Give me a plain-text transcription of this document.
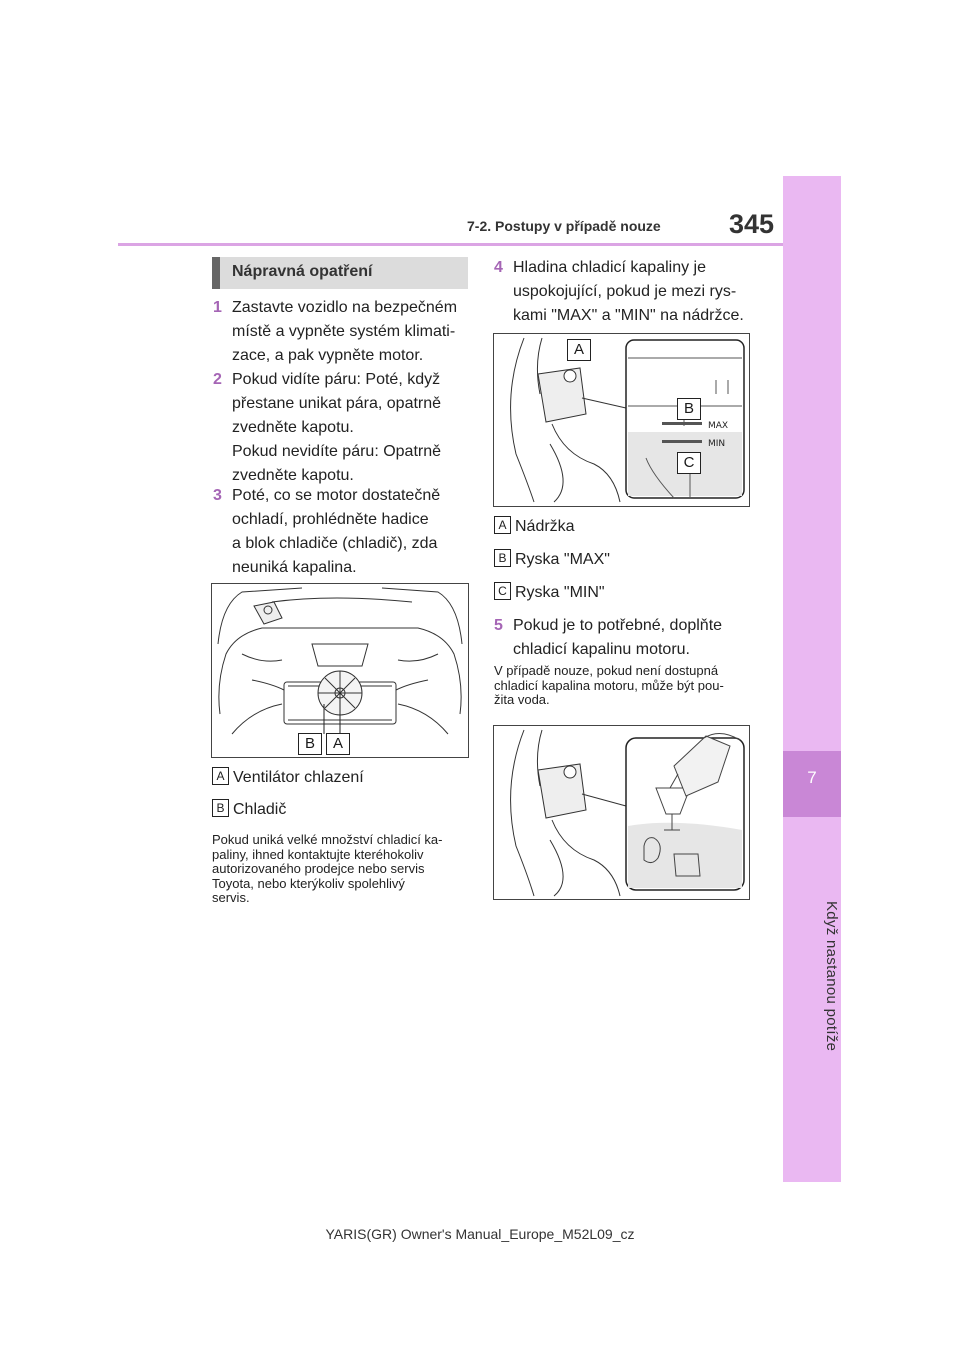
7
Když nastanou potíže
7-2. Postupy v případě nouze	345
Nápravná opatření
1 Zastavte vozidlo na bezpečném

místě a vypněte systém klimati-

zace, a pak vypněte motor.

2 Pokud vidíte páru: Poté, když

přestane unikat pára, opatrně

zvedněte kapotu.

Pokud nevidíte páru: Opatrně

zvedněte kapotu.

3 Poté, co se motor dostatečně

ochladí, prohlédněte hadice

a blok chladiče (chladič), zda

neuniká kapalina.

B	A
A Ventilátor chlazení
B Chladič
Pokud uniká velké množství chladicí ka-
paliny, ihned kontaktujte kteréhokoliv
autorizovaného prodejce nebo servis
Toyota, nebo kterýkoliv spolehlivý
servis.
4 Hladina chladicí kapaliny je

uspokojující, pokud je mezi rys-

kami "MAX" a "MIN" na nádržce.

MAX
MIN
A
B
C
A Nádržka
B Ryska "MAX"
C Ryska "MIN"
5 Pokud je to potřebné, doplňte

chladicí kapalinu motoru.

V případě nouze, pokud není dostupná
chladicí kapalina motoru, může být pou-
žita voda.
YARIS(GR) Owner's Manual_Europe_M52L09_cz
